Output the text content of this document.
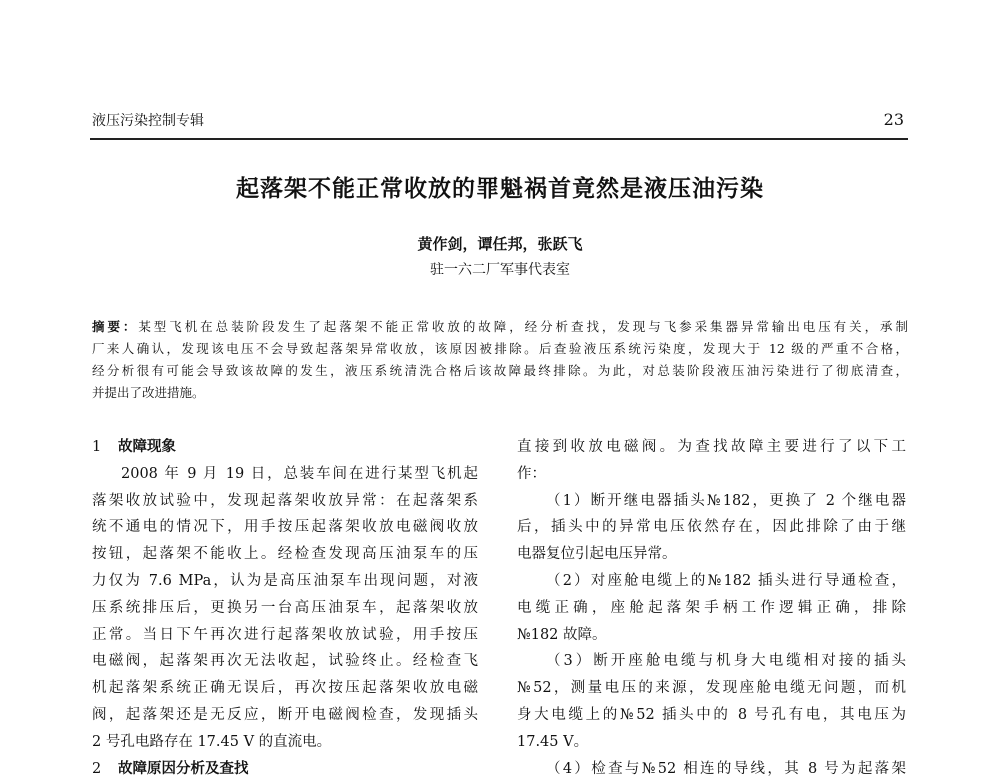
液压污染控制专辑	23
起落架不能正常收放的罪魁祸首竟然是液压油污染
黄作剑，谭任邦，张跃飞
驻一六二厂军事代表室
摘要：某型飞机在总装阶段发生了起落架不能正常收放的故障，经分析查找，发现与飞参采集器异常输出电压有关，承制
厂来人确认，发现该电压不会导致起落架异常收放，该原因被排除。后查验液压系统污染度，发现大于 12 级的严重不合格，
经分析很有可能会导致该故障的发生，液压系统清洗合格后该故障最终排除。为此，对总装阶段液压油污染进行了彻底清查，
并提出了改进措施。
1 故障现象
2008 年 9 月 19 日，总装车间在进行某型飞机起
落架收放试验中，发现起落架收放异常：在起落架系
统不通电的情况下，用手按压起落架收放电磁阀收放
按钮，起落架不能收上。经检查发现高压油泵车的压
力仅为 7.6 MPa，认为是高压油泵车出现问题，对液
压系统排压后，更换另一台高压油泵车，起落架收放
正常。当日下午再次进行起落架收放试验，用手按压
电磁阀，起落架再次无法收起，试验终止。经检查飞
机起落架系统正确无误后，再次按压起落架收放电磁
阀，起落架还是无反应，断开电磁阀检查，发现插头
2 号孔电路存在 17.45 V 的直流电。
2 故障原因分析及查找
直接到收放电磁阀。为查找故障主要进行了以下工
作：
（1）断开继电器插头№182，更换了 2 个继电器
后，插头中的异常电压依然存在，因此排除了由于继
电器复位引起电压异常。
（2）对座舱电缆上的№182 插头进行导通检查，
电缆正确，座舱起落架手柄工作逻辑正确，排除
№182 故障。
（3）断开座舱电缆与机身大电缆相对接的插头
№52，测量电压的来源，发现座舱电缆无问题，而机
身大电缆上的№52 插头中的 8 号孔有电，其电压为
17.45 V。
（4）检查与№52 相连的导线，其 8 号为起落架
